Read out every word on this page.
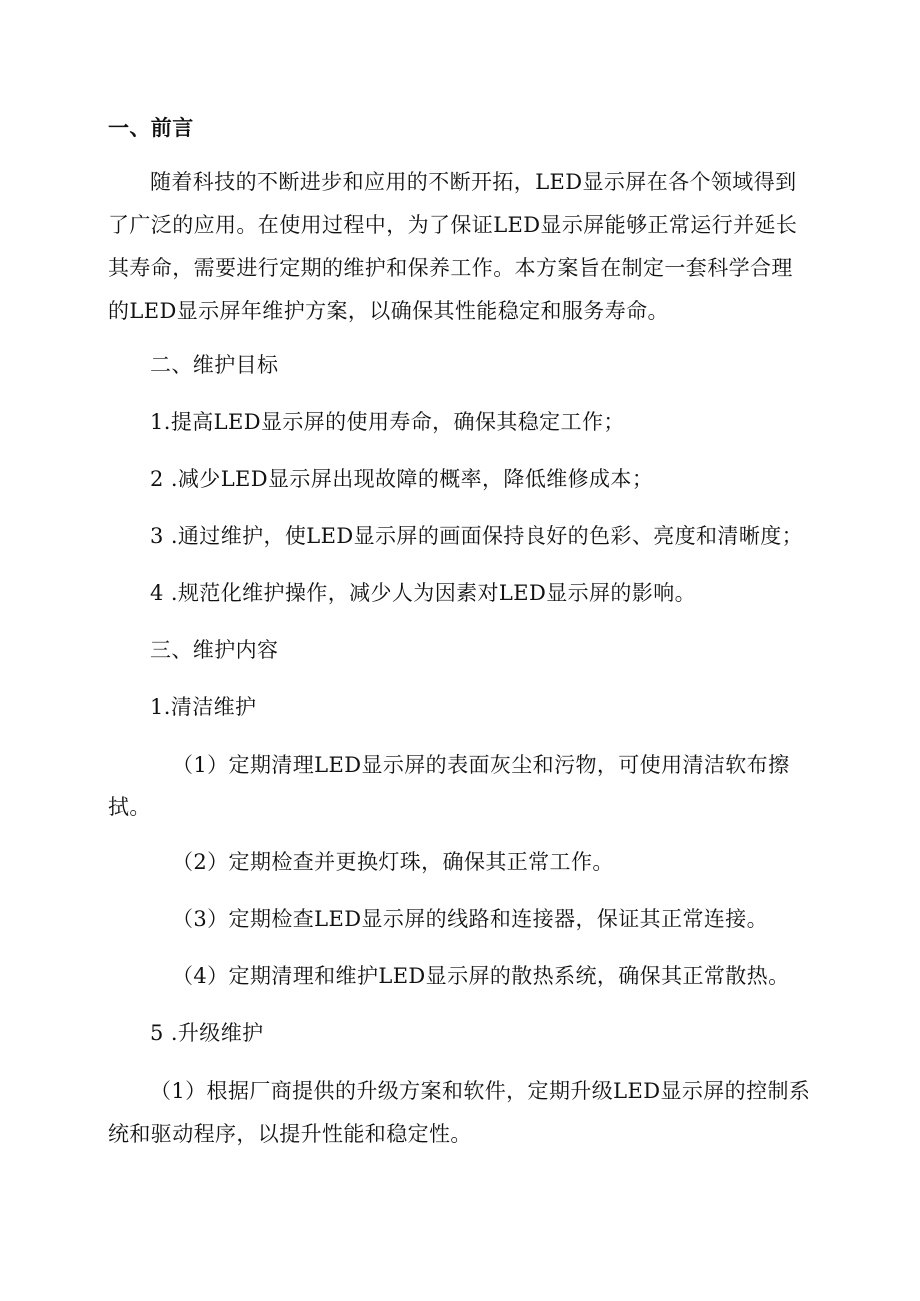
一、前言
随着科技的不断进步和应用的不断开拓，LED显示屏在各个领域得到
了广泛的应用。在使用过程中，为了保证LED显示屏能够正常运行并延长
其寿命，需要进行定期的维护和保养工作。本方案旨在制定一套科学合理
的LED显示屏年维护方案，以确保其性能稳定和服务寿命。
二、维护目标
1.提高LED显示屏的使用寿命，确保其稳定工作；
2 .减少LED显示屏出现故障的概率，降低维修成本；
3 .通过维护，使LED显示屏的画面保持良好的色彩、亮度和清晰度；
4 .规范化维护操作，减少人为因素对LED显示屏的影响。
三、维护内容
1.清洁维护
（1）定期清理LED显示屏的表面灰尘和污物，可使用清洁软布擦
拭。
（2）定期检查并更换灯珠，确保其正常工作。
（3）定期检查LED显示屏的线路和连接器，保证其正常连接。
（4）定期清理和维护LED显示屏的散热系统，确保其正常散热。
5 .升级维护
（1）根据厂商提供的升级方案和软件，定期升级LED显示屏的控制系
统和驱动程序，以提升性能和稳定性。
